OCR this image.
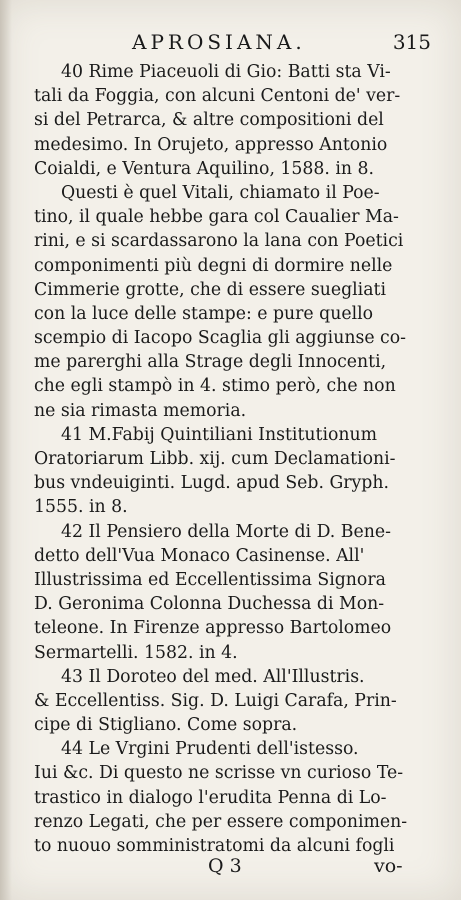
APROSIANA.	315
40 Rime Piaceuoli di Gio: Batti sta Vi-
tali da Foggia, con alcuni Centoni de' ver-
si del Petrarca, & altre compositioni del
medesimo. In Orujeto, appresso Antonio
Coialdi, e Ventura Aquilino, 1588. in 8.
Questi è quel Vitali, chiamato il Poe-
tino, il quale hebbe gara col Caualier Ma-
rini, e si scardassarono la lana con Poetici
componimenti più degni di dormire nelle
Cimmerie grotte, che di essere suegliati
con la luce delle stampe: e pure quello
scempio di Iacopo Scaglia gli aggiunse co-
me parerghi alla Strage degli Innocenti,
che egli stampò in 4. stimo però, che non
ne sia rimasta memoria.
41 M.Fabij Quintiliani Institutionum
Oratoriarum Libb. xij. cum Declamationi-
bus vndeuiginti. Lugd. apud Seb. Gryph.
1555. in 8.
42 Il Pensiero della Morte di D. Bene-
detto dell'Vua Monaco Casinense. All'
Illustrissima ed Eccellentissima Signora
D. Geronima Colonna Duchessa di Mon-
teleone. In Firenze appresso Bartolomeo
Sermartelli. 1582. in 4.
43 Il Doroteo del med. All'Illustris.
& Eccellentiss. Sig. D. Luigi Carafa, Prin-
cipe di Stigliano. Come sopra.
44 Le Vrgini Prudenti dell'istesso.
Iui &c. Di questo ne scrisse vn curioso Te-
trastico in dialogo l'erudita Penna di Lo-
renzo Legati, che per essere componimen-
to nuouo somministratomi da alcuni fogli
Q 3	vo-
